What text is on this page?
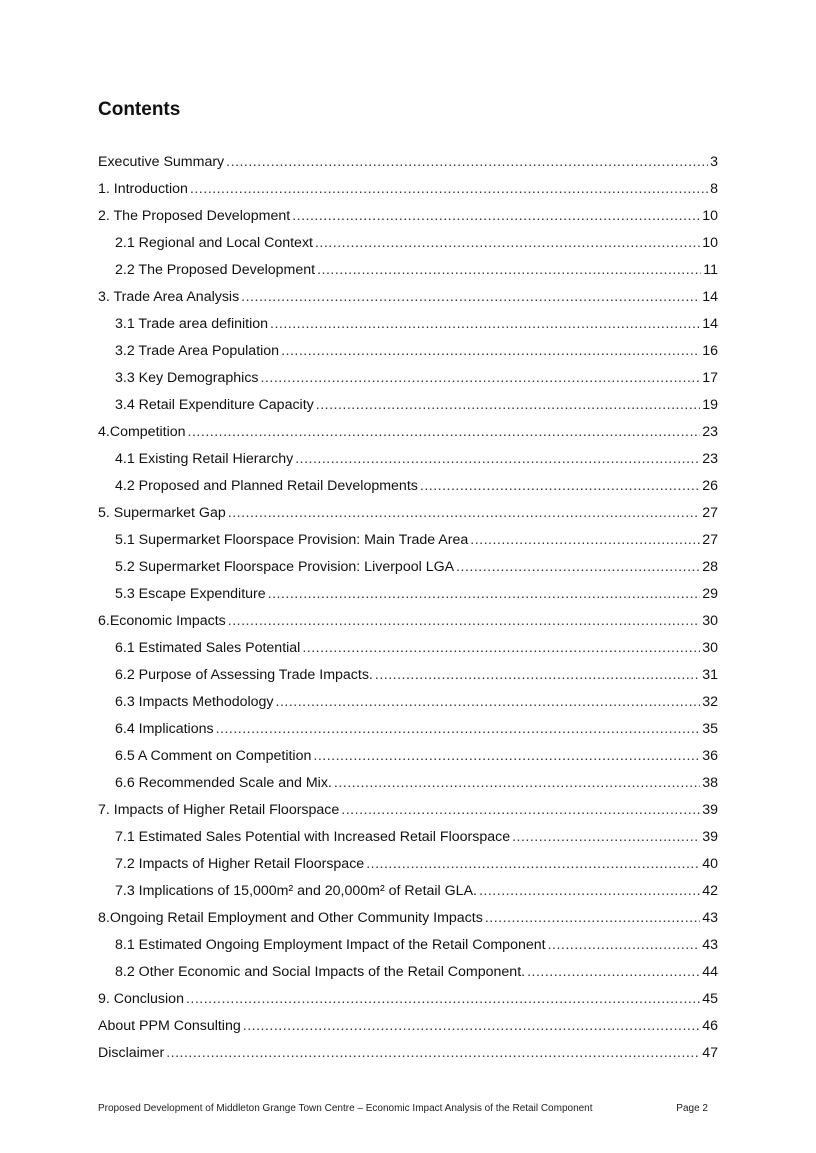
Contents
Executive Summary .....	3
1. Introduction .....	8
2. The Proposed Development .....	10
2.1 Regional and Local Context .....	10
2.2 The Proposed Development .....	11
3. Trade Area Analysis .....	14
3.1 Trade area definition .....	14
3.2 Trade Area Population .....	16
3.3 Key Demographics .....	17
3.4 Retail Expenditure Capacity .....	19
4.Competition .....	23
4.1 Existing Retail Hierarchy .....	23
4.2 Proposed and Planned Retail Developments .....	26
5. Supermarket Gap .....	27
5.1 Supermarket Floorspace Provision: Main Trade Area .....	27
5.2 Supermarket Floorspace Provision: Liverpool LGA .....	28
5.3 Escape Expenditure .....	29
6.Economic Impacts .....	30
6.1 Estimated Sales Potential .....	30
6.2 Purpose of Assessing Trade Impacts. .....	31
6.3 Impacts Methodology .....	32
6.4 Implications .....	35
6.5 A Comment on Competition .....	36
6.6 Recommended Scale and Mix. .....	38
7. Impacts of Higher Retail Floorspace .....	39
7.1 Estimated Sales Potential with Increased Retail Floorspace .....	39
7.2 Impacts of Higher Retail Floorspace .....	40
7.3 Implications of 15,000m² and 20,000m² of Retail GLA. .....	42
8.Ongoing Retail Employment and Other Community Impacts .....	43
8.1 Estimated Ongoing Employment Impact of the Retail Component .....	43
8.2 Other Economic and Social Impacts of the Retail Component. .....	44
9. Conclusion .....	45
About PPM Consulting .....	46
Disclaimer .....	47
Proposed Development of Middleton Grange Town Centre – Economic Impact Analysis of the Retail Component	Page 2
